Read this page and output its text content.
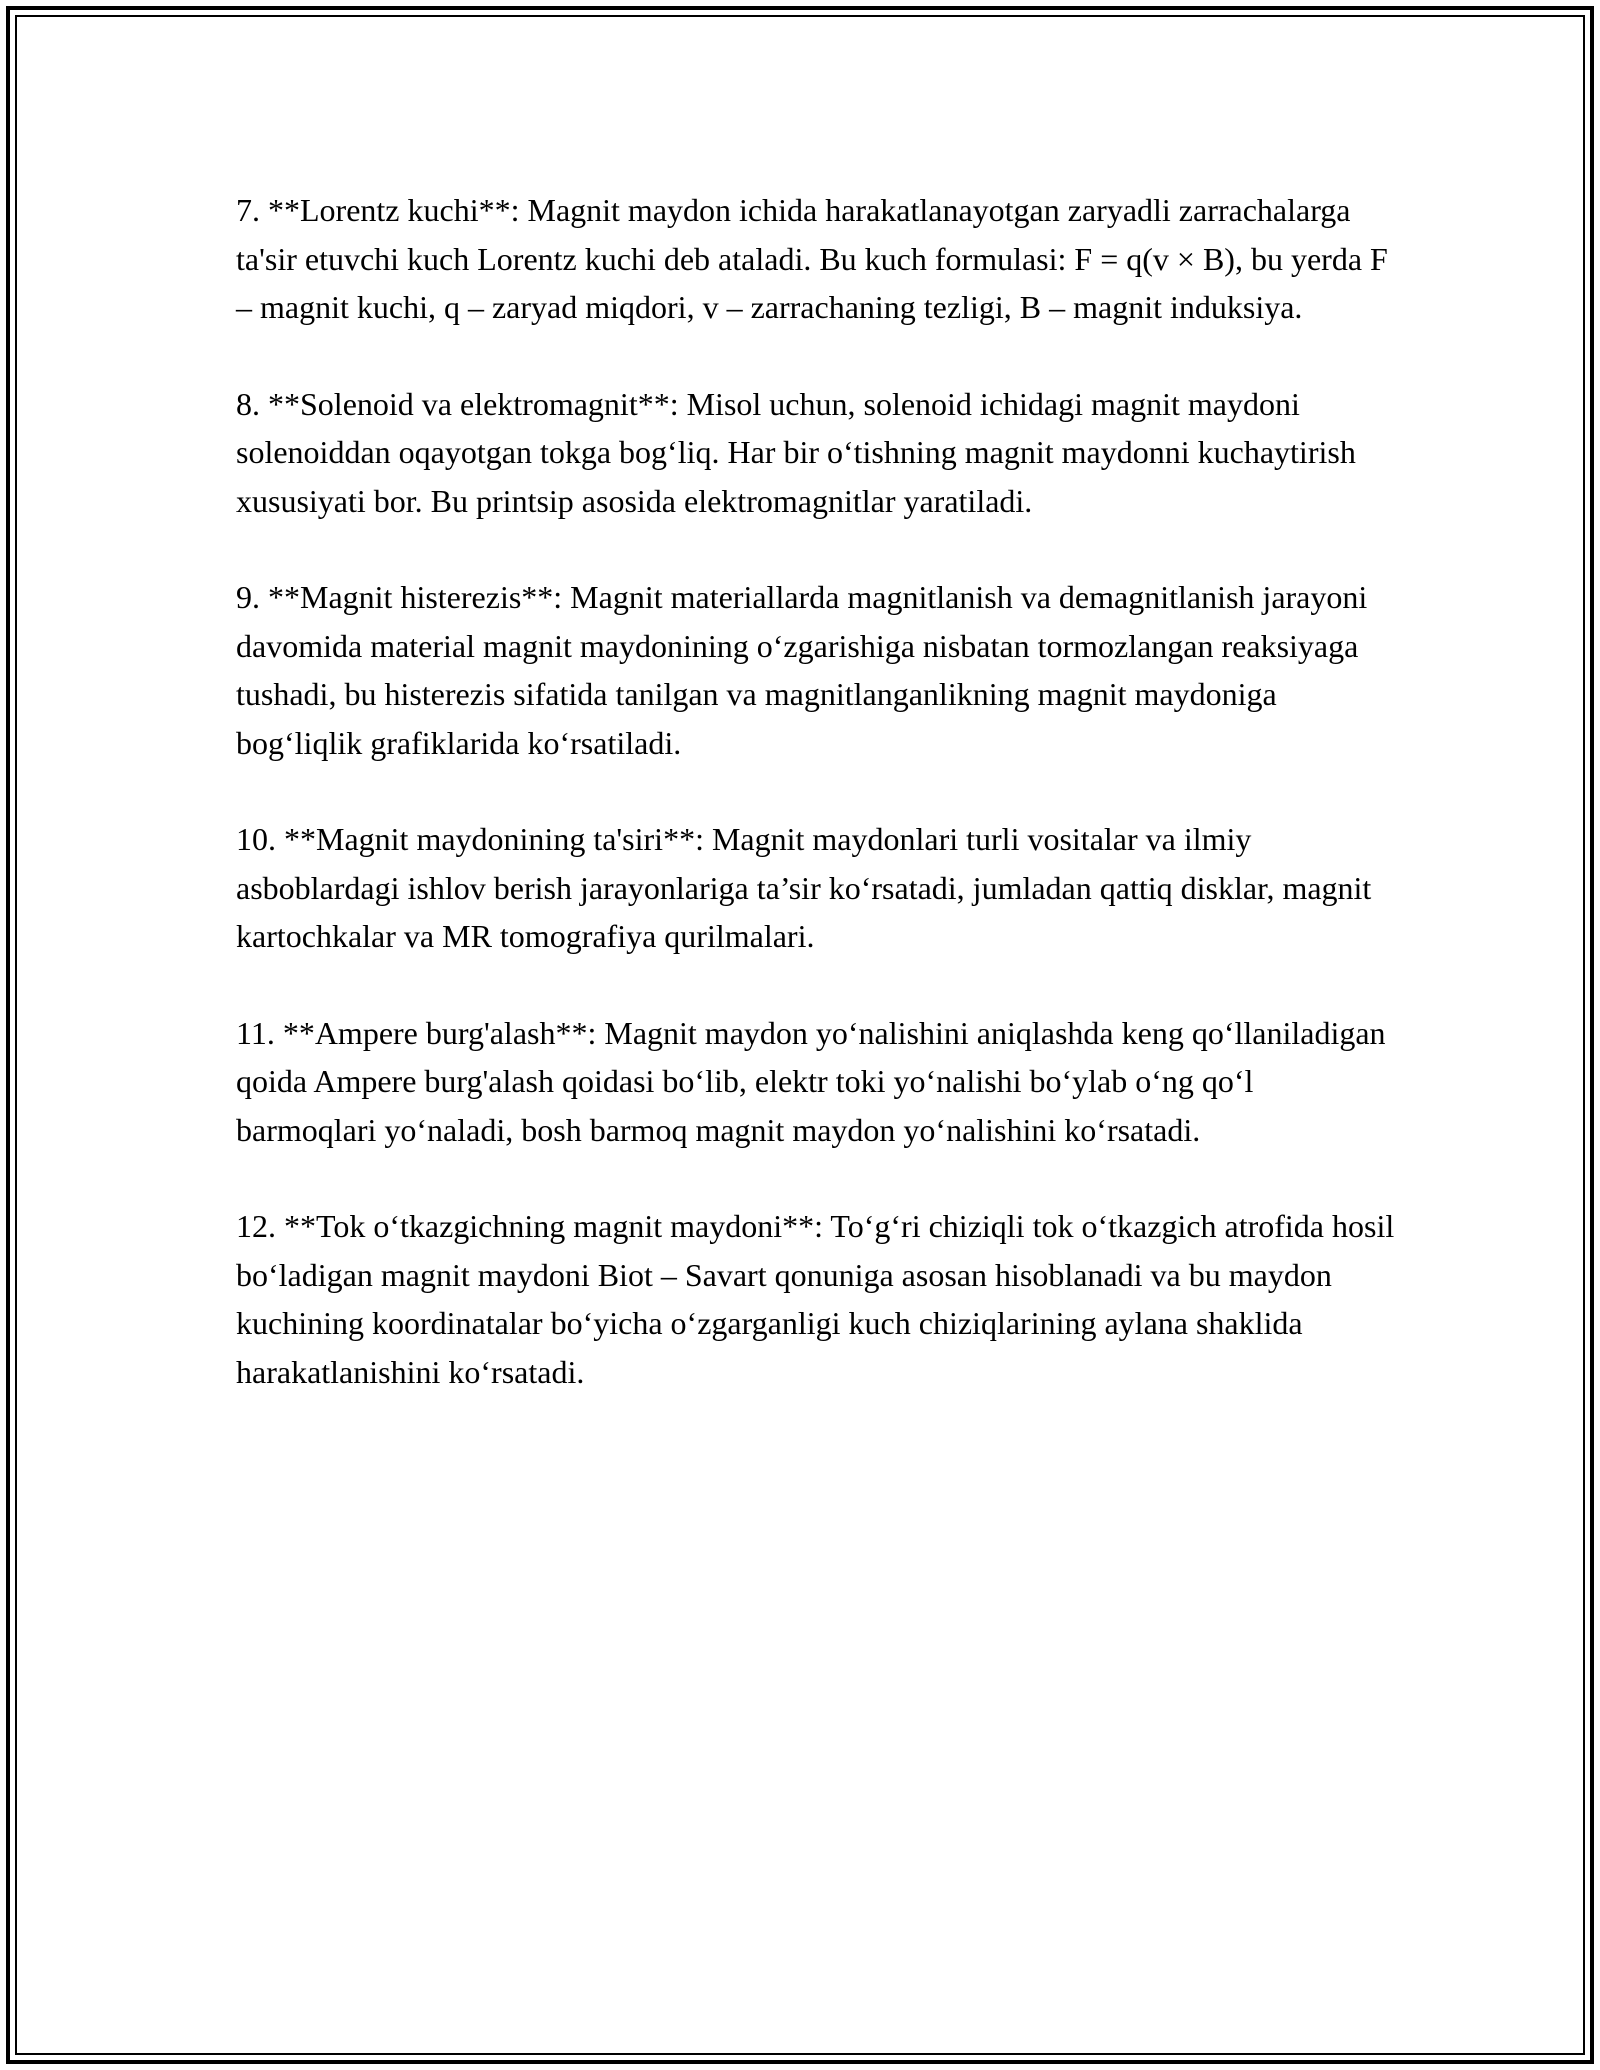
7. **Lorentz kuchi**: Magnit maydon ichida harakatlanayotgan zaryadli zarrachalarga ta'sir etuvchi kuch Lorentz kuchi deb ataladi. Bu kuch formulasi: F = q(v × B), bu yerda F – magnit kuchi, q – zaryad miqdori, v – zarrachaning tezligi, B – magnit induksiya.

8. **Solenoid va elektromagnit**: Misol uchun, solenoid ichidagi magnit maydoni solenoiddan oqayotgan tokga bog‘liq. Har bir o‘tishning magnit maydonni kuchaytirish xususiyati bor. Bu printsip asosida elektromagnitlar yaratiladi.

9. **Magnit histerezis**: Magnit materiallarda magnitlanish va demagnitlanish jarayoni davomida material magnit maydonining o‘zgarishiga nisbatan tormozlangan reaksiyaga tushadi, bu histerezis sifatida tanilgan va magnitlanganlikning magnit maydoniga bog‘liqlik grafiklarida ko‘rsatiladi.

10. **Magnit maydonining ta'siri**: Magnit maydonlari turli vositalar va ilmiy asboblardagi ishlov berish jarayonlariga ta’sir ko‘rsatadi, jumladan qattiq disklar, magnit kartochkalar va MR tomografiya qurilmalari.

11. **Ampere burg'alash**: Magnit maydon yo‘nalishini aniqlashda keng qo‘llaniladigan qoida Ampere burg'alash qoidasi bo‘lib, elektr toki yo‘nalishi bo‘ylab o‘ng qo‘l barmoqlari yo‘naladi, bosh barmoq magnit maydon yo‘nalishini ko‘rsatadi.

12. **Tok o‘tkazgichning magnit maydoni**: To‘g‘ri chiziqli tok o‘tkazgich atrofida hosil bo‘ladigan magnit maydoni Biot – Savart qonuniga asosan hisoblanadi va bu maydon kuchining koordinatalar bo‘yicha o‘zgarganligi kuch chiziqlarining aylana shaklida harakatlanishini ko‘rsatadi.
